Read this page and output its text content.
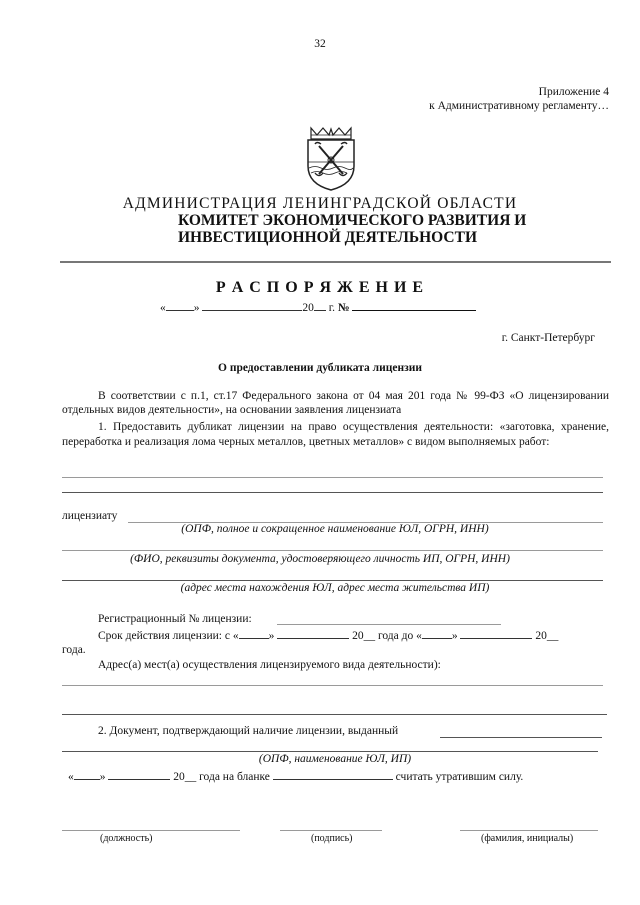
32
Приложение 4
к Административному регламенту…
АДМИНИСТРАЦИЯ ЛЕНИНГРАДСКОЙ ОБЛАСТИ
КОМИТЕТ ЭКОНОМИЧЕСКОГО РАЗВИТИЯ И
ИНВЕСТИЦИОННОЙ ДЕЯТЕЛЬНОСТИ
Р А С П О Р Я Ж Е Н И Е
« »	20 г. №
г. Санкт-Петербург
О предоставлении дубликата лицензии
В соответствии с п.1, ст.17 Федерального закона от 04 мая 201 года № 99-ФЗ «О лицензировании отдельных видов деятельности», на основании заявления лицензиата
1. Предоставить дубликат лицензии на право осуществления деятельности: «заготовка, хранение, переработка и реализация лома черных металлов, цветных металлов» с видом выполняемых работ:
лицензиату
(ОПФ, полное и сокращенное наименование ЮЛ, ОГРН, ИНН)
(ФИО, реквизиты документа, удостоверяющего личность ИП, ОГРН, ИНН)
(адрес места нахождения ЮЛ, адрес места жительства ИП)
Регистрационный № лицензии:
Срок действия лицензии: с «	»	20__ года до «	»	20__
года.
Адрес(а) мест(а) осуществления лицензируемого вида деятельности):
2. Документ, подтверждающий наличие лицензии, выданный
(ОПФ, наименование ЮЛ, ИП)
« »	20__ года на бланке	считать утратившим силу.
(должность)	(подпись)	(фамилия, инициалы)
